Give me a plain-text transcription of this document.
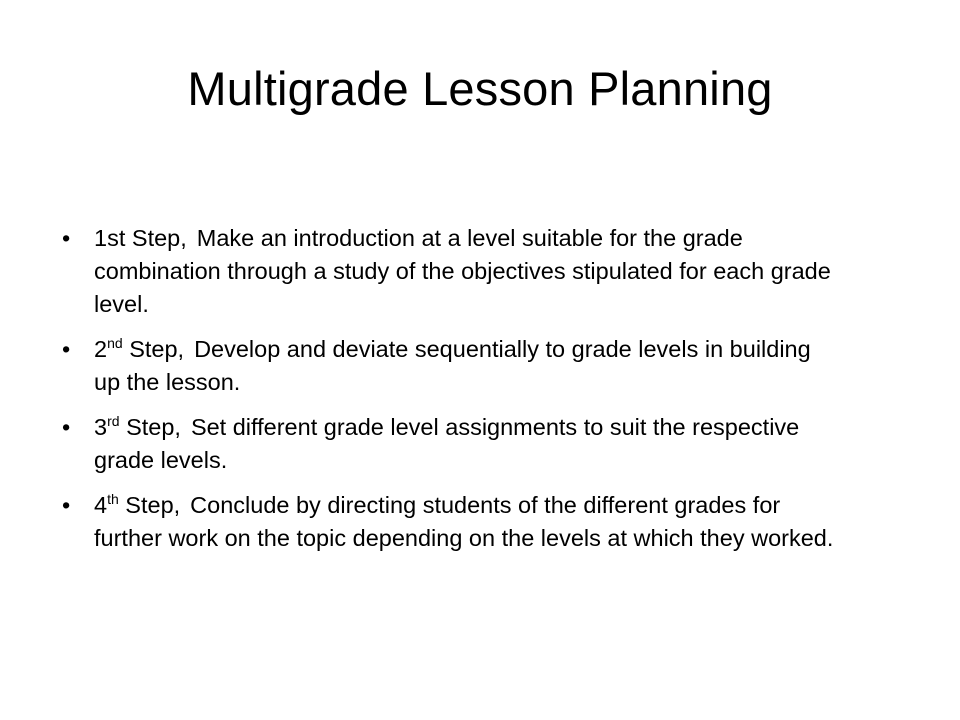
Multigrade Lesson Planning
•	1st Step, Make an introduction at a level suitable for the grade combination through a study of the objectives stipulated for each grade level.
•	2nd Step, Develop and deviate sequentially to grade levels in building up the lesson.
•	3rd Step, Set different grade level assignments to suit the respective grade levels.
•	4th Step, Conclude by directing students of the different grades for further work on the topic depending on the levels at which they worked.
